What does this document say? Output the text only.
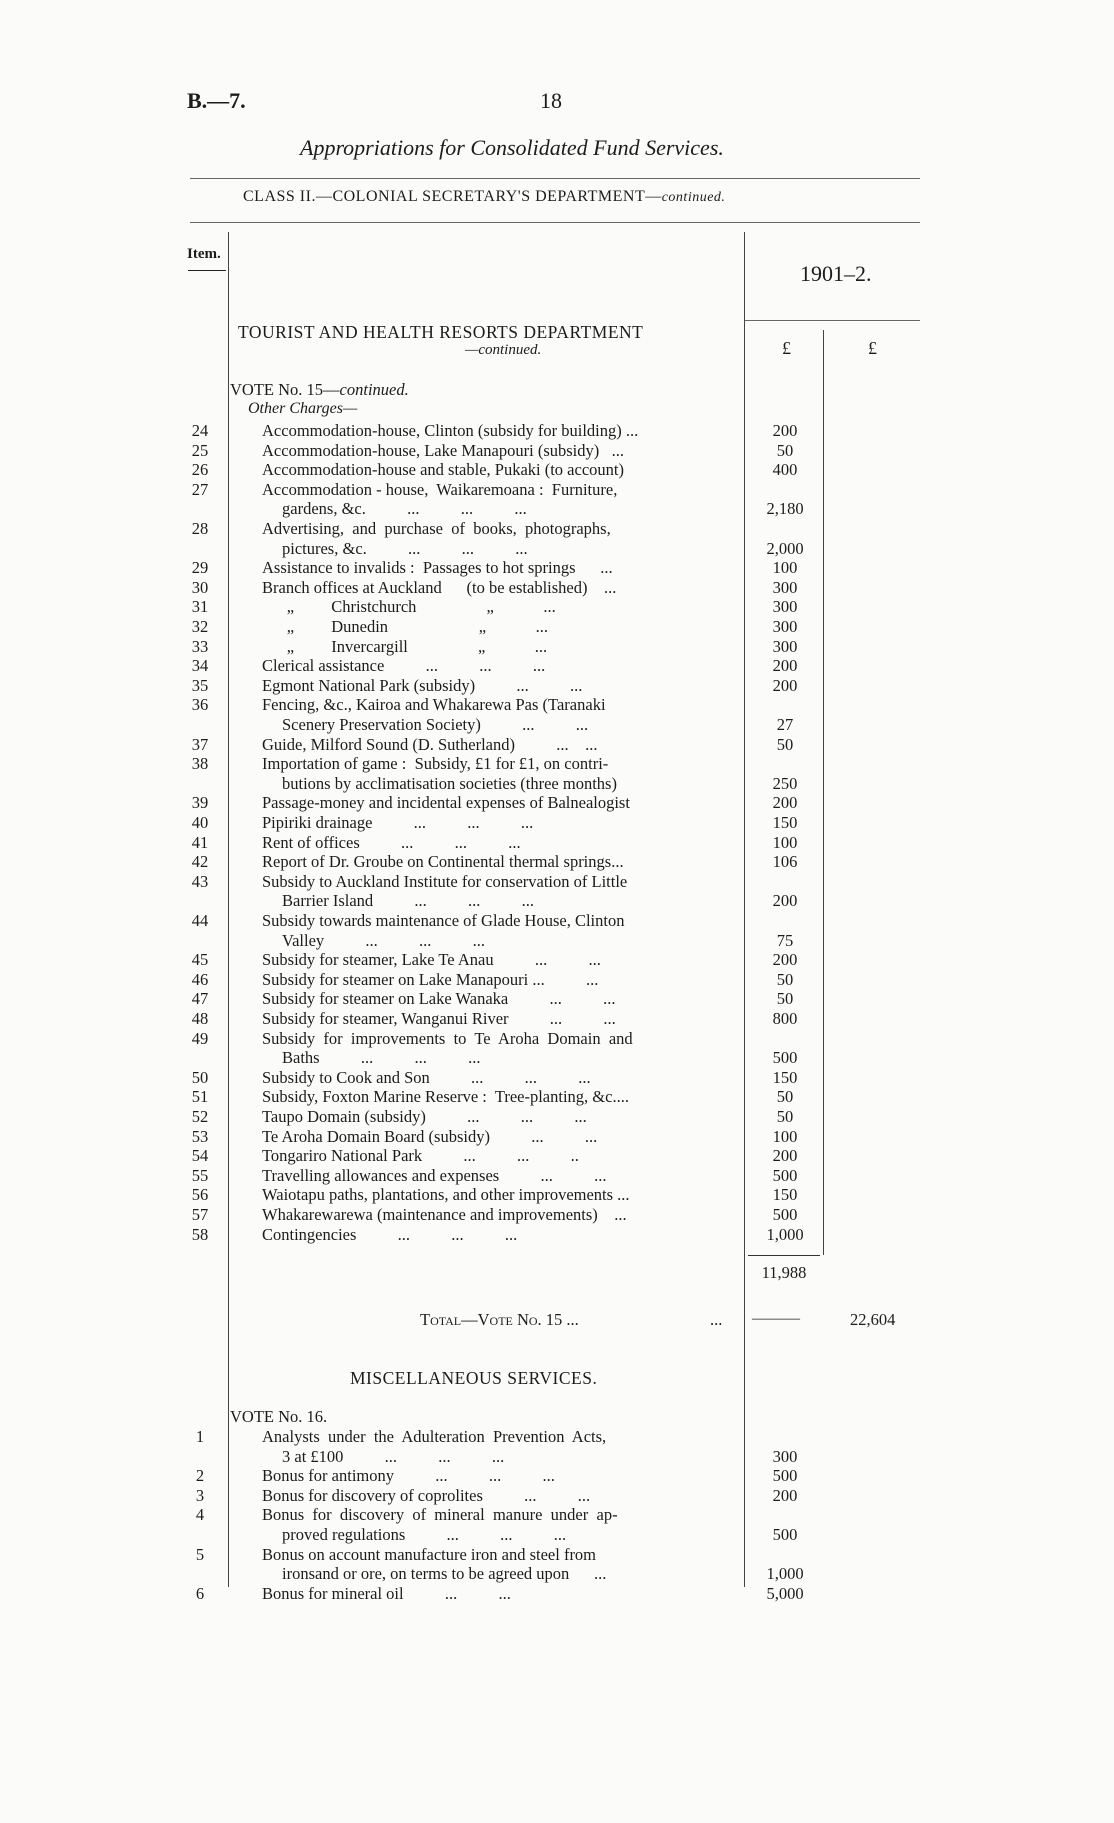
B.—7.	18
Appropriations for Consolidated Fund Services.
CLASS II.—COLONIAL SECRETARY'S DEPARTMENT—continued.
Item.
1901–2.
£	£
TOURIST AND HEALTH RESORTS DEPARTMENT
—continued.
VOTE No. 15—continued.
Other Charges—
24	Accommodation-house, Clinton (subsidy for building) ...	200
25	Accommodation-house, Lake Manapouri (subsidy)   ...	50
26	Accommodation-house and stable, Pukaki (to account)	400
27	Accommodation - house,  Waikaremoana :  Furniture,
gardens, &c.          ...          ...          ...	2,180
28	Advertising,  and  purchase  of  books,  photographs,
pictures, &c.          ...          ...          ...	2,000
29	Assistance to invalids :  Passages to hot springs      ...	100
30	Branch offices at Auckland      (to be established)    ...	300
31	„         Christchurch                 „            ...	300
32	„         Dunedin                      „            ...	300
33	„         Invercargill                 „            ...	300
34	Clerical assistance          ...          ...          ...	200
35	Egmont National Park (subsidy)          ...          ...	200
36	Fencing, &c., Kairoa and Whakarewa Pas (Taranaki
Scenery Preservation Society)          ...          ...	27
37	Guide, Milford Sound (D. Sutherland)          ...    ...	50
38	Importation of game :  Subsidy, £1 for £1, on contri-
butions by acclimatisation societies (three months)	250
39	Passage-money and incidental expenses of Balnealogist	200
40	Pipiriki drainage          ...          ...          ...	150
41	Rent of offices          ...          ...          ...	100
42	Report of Dr. Groube on Continental thermal springs...	106
43	Subsidy to Auckland Institute for conservation of Little
Barrier Island          ...          ...          ...	200
44	Subsidy towards maintenance of Glade House, Clinton
Valley          ...          ...          ...	75
45	Subsidy for steamer, Lake Te Anau          ...          ...	200
46	Subsidy for steamer on Lake Manapouri ...          ...	50
47	Subsidy for steamer on Lake Wanaka          ...          ...	50
48	Subsidy for steamer, Wanganui River          ...          ...	800
49	Subsidy  for  improvements  to  Te  Aroha  Domain  and
Baths          ...          ...          ...	500
50	Subsidy to Cook and Son          ...          ...          ...	150
51	Subsidy, Foxton Marine Reserve :  Tree-planting, &c....	50
52	Taupo Domain (subsidy)          ...          ...          ...	50
53	Te Aroha Domain Board (subsidy)          ...          ...	100
54	Tongariro National Park          ...          ...          ..	200
55	Travelling allowances and expenses          ...          ...	500
56	Waiotapu paths, plantations, and other improvements ...	150
57	Whakarewarewa (maintenance and improvements)    ...	500
58	Contingencies          ...          ...          ...	1,000
11,988
Total—Vote No. 15 ...	... ———	22,604
MISCELLANEOUS SERVICES.
VOTE No. 16.
1	Analysts  under  the  Adulteration  Prevention  Acts,
3 at £100          ...          ...          ...	300
2	Bonus for antimony          ...          ...          ...	500
3	Bonus for discovery of coprolites          ...          ...	200
4	Bonus  for  discovery  of  mineral  manure  under  ap-
proved regulations          ...          ...          ...	500
5	Bonus on account manufacture iron and steel from
ironsand or ore, on terms to be agreed upon      ...	1,000
6	Bonus for mineral oil          ...          ...	5,000
